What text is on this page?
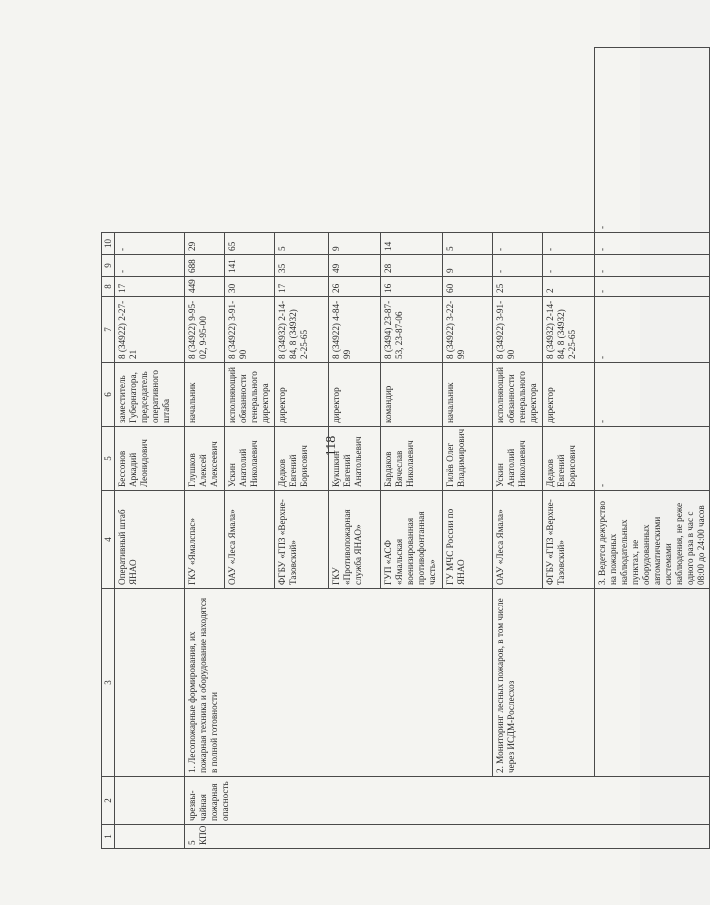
118
1	2	3	4	5	6	7	8	9	10	
			Оперативный штаб ЯНАО	Бессонов Аркадий Леонидович	заместитель Губернатора, председатель оперативного штаба	8 (34922) 2-27-21	17	-	-	
5 КПО	чрезвы-чайная пожарная опасность	1. Лесопожарные формирования, их пожарная техника и оборудование находятся в полной готовности	ГКУ «Ямалспас»	Глушков Алексей Алексеевич	начальник	8 (34922) 9-95-02, 9-95-00	449	688	29	
			ОАУ «Леса Ямала»	Ускин Анатолий Николаевич	исполняющий обязанности генерального директора	8 (34922) 3-91-90	30	141	65	
			ФГБУ «ГПЗ «Верхне-Тазовский»	Дедков Евгений Борисович	директор	8 (34932) 2-14-84, 8 (34932) 2-25-65	17	35	5	
			ГКУ «Противопожарная служба ЯНАО»	Кукшкин Евгений Анатольевич	директор	8 (34922) 4-84-99	26	49	9	
			ГУП «АСФ «Ямальская военизированная противофонтанная часть»	Бардаков Вячеслав Николаевич	командир	8 (3494) 23-87-53, 23-87-06	16	28	14	
			ГУ МЧС России по ЯНАО	Гилёв Олег Владимирович	начальник	8 (34922) 3-22-99	60	9	5	
		2. Мониторинг лесных пожаров, в том числе через ИСДМ-Рослесхоз	ОАУ «Леса Ямала»	Ускин Анатолий Николаевич	исполняющий обязанности генерального директора	8 (34922) 3-91-90	25	-	-	
			ФГБУ «ГПЗ «Верхне-Тазовский»	Дедков Евгений Борисович	директор	8 (34932) 2-14-84, 8 (34932) 2-25-65	2	-	-	
			3. Ведется дежурство на пожарных наблюдательных пунктах, не оборудованных автоматическими системами наблюдения, не реже одного раза в час с 08:00 до 24:00 часов	-	-	-	-	-	-	-
